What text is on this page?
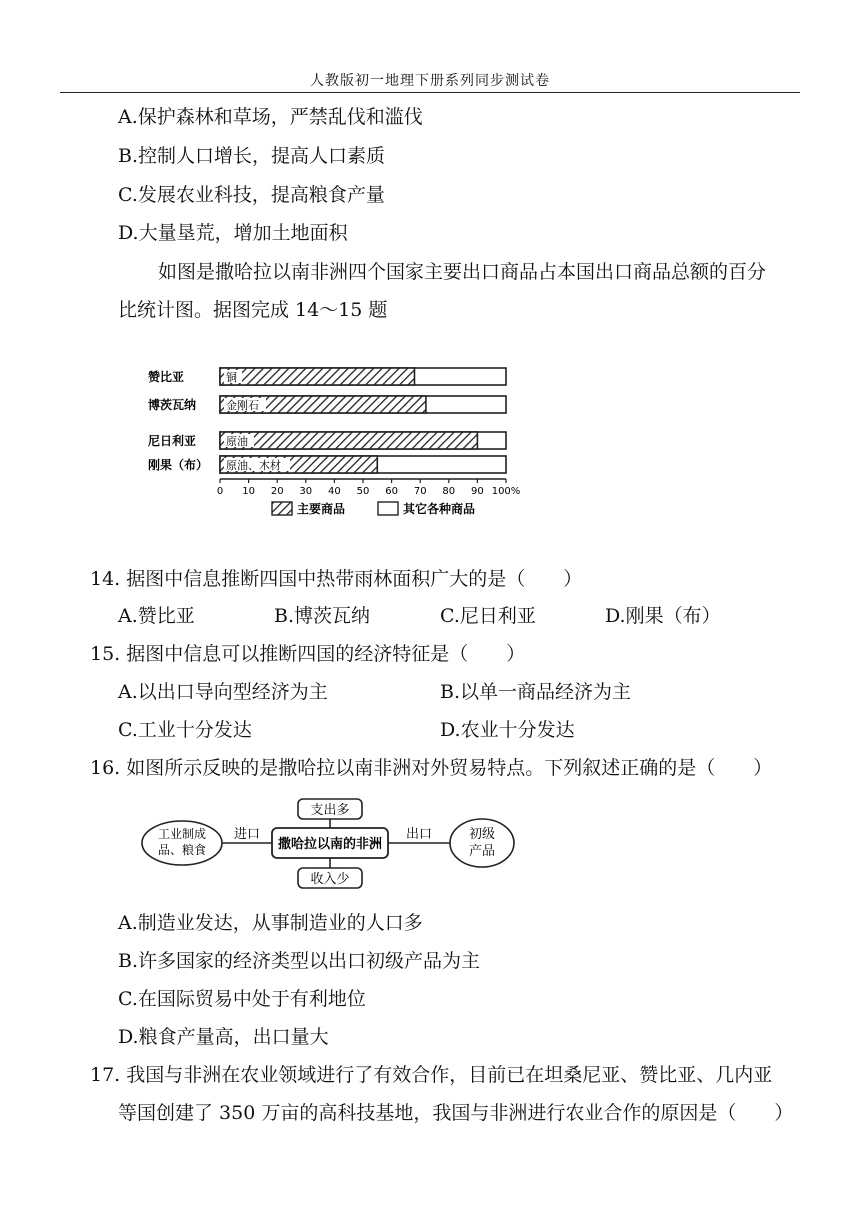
人教版初一地理下册系列同步测试卷
A.保护森林和草场，严禁乱伐和滥伐
B.控制人口增长，提高人口素质
C.发展农业科技，提高粮食产量
D.大量垦荒，增加土地面积
如图是撒哈拉以南非洲四个国家主要出口商品占本国出口商品总额的百分
比统计图。据图完成 14～15 题
赞比亚	铜
博茨瓦纳	金刚石
尼日利亚	原油
刚果（布） 原油、木材
0 10 20 30 40 50 60 70 80 90 100%
主要商品	其它各种商品
14. 据图中信息推断四国中热带雨林面积广大的是（　　）
A.赞比亚	B.博茨瓦纳	C.尼日利亚	D.刚果（布）
15. 据图中信息可以推断四国的经济特征是（　　）
A.以出口导向型经济为主	B.以单一商品经济为主
C.工业十分发达	D.农业十分发达
16. 如图所示反映的是撒哈拉以南非洲对外贸易特点。下列叙述正确的是（　　）
支出多
撒哈拉以南的非洲
收入少
工业制成
品、粮食
进口	出口	初级
产品
A.制造业发达，从事制造业的人口多
B.许多国家的经济类型以出口初级产品为主
C.在国际贸易中处于有利地位
D.粮食产量高，出口量大
17. 我国与非洲在农业领域进行了有效合作，目前已在坦桑尼亚、赞比亚、几内亚
等国创建了 350 万亩的高科技基地，我国与非洲进行农业合作的原因是（　　）
